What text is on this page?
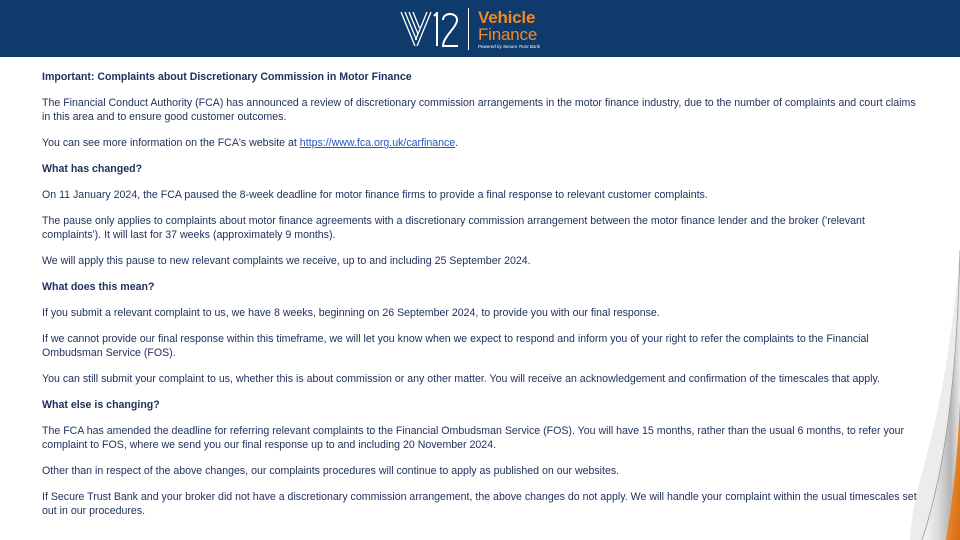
Vehicle
Finance
Powered by Secure Trust Bank
Important: Complaints about Discretionary Commission in Motor Finance

The Financial Conduct Authority (FCA) has announced a review of discretionary commission arrangements in the motor finance industry, due to the number of complaints and court claims in this area and to ensure good customer outcomes.

You can see more information on the FCA's website at https://www.fca.org.uk/carfinance.

What has changed?

On 11 January 2024, the FCA paused the 8-week deadline for motor finance firms to provide a final response to relevant customer complaints.

The pause only applies to complaints about motor finance agreements with a discretionary commission arrangement between the motor finance lender and the broker ('relevant complaints'). It will last for 37 weeks (approximately 9 months).

We will apply this pause to new relevant complaints we receive, up to and including 25 September 2024.

What does this mean?

If you submit a relevant complaint to us, we have 8 weeks, beginning on 26 September 2024, to provide you with our final response.

If we cannot provide our final response within this timeframe, we will let you know when we expect to respond and inform you of your right to refer the complaints to the Financial Ombudsman Service (FOS).

You can still submit your complaint to us, whether this is about commission or any other matter. You will receive an acknowledgement and confirmation of the timescales that apply.

What else is changing?

The FCA has amended the deadline for referring relevant complaints to the Financial Ombudsman Service (FOS). You will have 15 months, rather than the usual 6 months, to refer your complaint to FOS, where we send you our final response up to and including 20 November 2024.

Other than in respect of the above changes, our complaints procedures will continue to apply as published on our websites.

If Secure Trust Bank and your broker did not have a discretionary commission arrangement, the above changes do not apply. We will handle your complaint within the usual timescales set out in our procedures.
